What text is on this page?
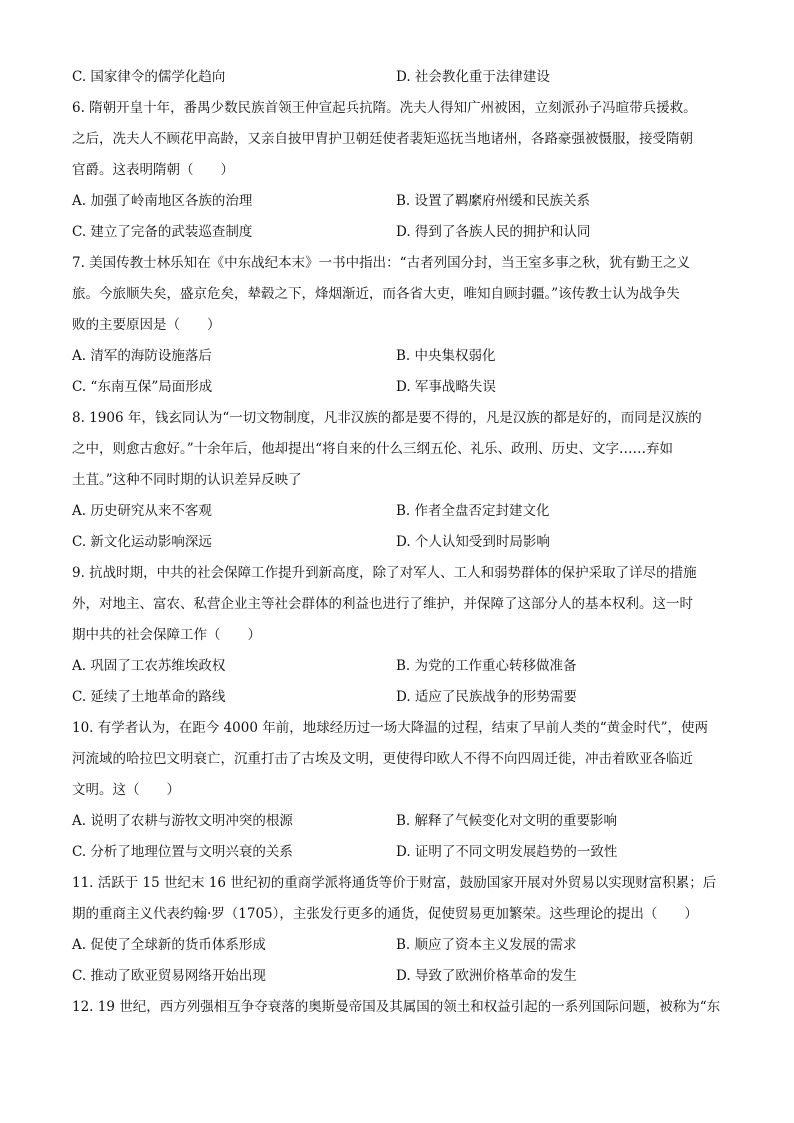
C. 国家律令的儒学化趋向	D. 社会教化重于法律建设
6. 隋朝开皇十年，番禺少数民族首领王仲宣起兵抗隋。冼夫人得知广州被困，立刻派孙子冯暄带兵援救。
之后，冼夫人不顾花甲高龄，又亲自披甲胄护卫朝廷使者裴矩巡抚当地诸州，各路豪强被慑服，接受隋朝
官爵。这表明隋朝（　　）
A. 加强了岭南地区各族的治理	B. 设置了羁縻府州缓和民族关系
C. 建立了完备的武装巡查制度	D. 得到了各族人民的拥护和认同
7. 美国传教士林乐知在《中东战纪本末》一书中指出：“古者列国分封，当王室多事之秋，犹有勤王之义
旅。今旅顺失矣，盛京危矣，辇毂之下，烽烟渐近，而各省大吏，唯知自顾封疆。”该传教士认为战争失
败的主要原因是（　　）
A. 清军的海防设施落后	B. 中央集权弱化
C. “东南互保”局面形成	D. 军事战略失误
8. 1906 年，钱玄同认为“一切文物制度，凡非汉族的都是要不得的，凡是汉族的都是好的，而同是汉族的
之中，则愈古愈好。”十余年后，他却提出“将自来的什么三纲五伦、礼乐、政刑、历史、文字……弃如
土苴。”这种不同时期的认识差异反映了
A. 历史研究从来不客观	B. 作者全盘否定封建文化
C. 新文化运动影响深远	D. 个人认知受到时局影响
9. 抗战时期，中共的社会保障工作提升到新高度，除了对军人、工人和弱势群体的保护采取了详尽的措施
外，对地主、富农、私营企业主等社会群体的利益也进行了维护，并保障了这部分人的基本权利。这一时
期中共的社会保障工作（　　）
A. 巩固了工农苏维埃政权	B. 为党的工作重心转移做准备
C. 延续了土地革命的路线	D. 适应了民族战争的形势需要
10. 有学者认为，在距今 4000 年前，地球经历过一场大降温的过程，结束了早前人类的“黄金时代”，使两
河流域的哈拉巴文明衰亡，沉重打击了古埃及文明，更使得印欧人不得不向四周迁徙，冲击着欧亚各临近
文明。这（　　）
A. 说明了农耕与游牧文明冲突的根源	B. 解释了气候变化对文明的重要影响
C. 分析了地理位置与文明兴衰的关系	D. 证明了不同文明发展趋势的一致性
11. 活跃于 15 世纪末 16 世纪初的重商学派将通货等价于财富，鼓励国家开展对外贸易以实现财富积累；后
期的重商主义代表约翰·罗（1705），主张发行更多的通货，促使贸易更加繁荣。这些理论的提出（　　）
A. 促使了全球新的货币体系形成	B. 顺应了资本主义发展的需求
C. 推动了欧亚贸易网络开始出现	D. 导致了欧洲价格革命的发生
12. 19 世纪，西方列强相互争夺衰落的奥斯曼帝国及其属国的领土和权益引起的一系列国际问题，被称为“东
